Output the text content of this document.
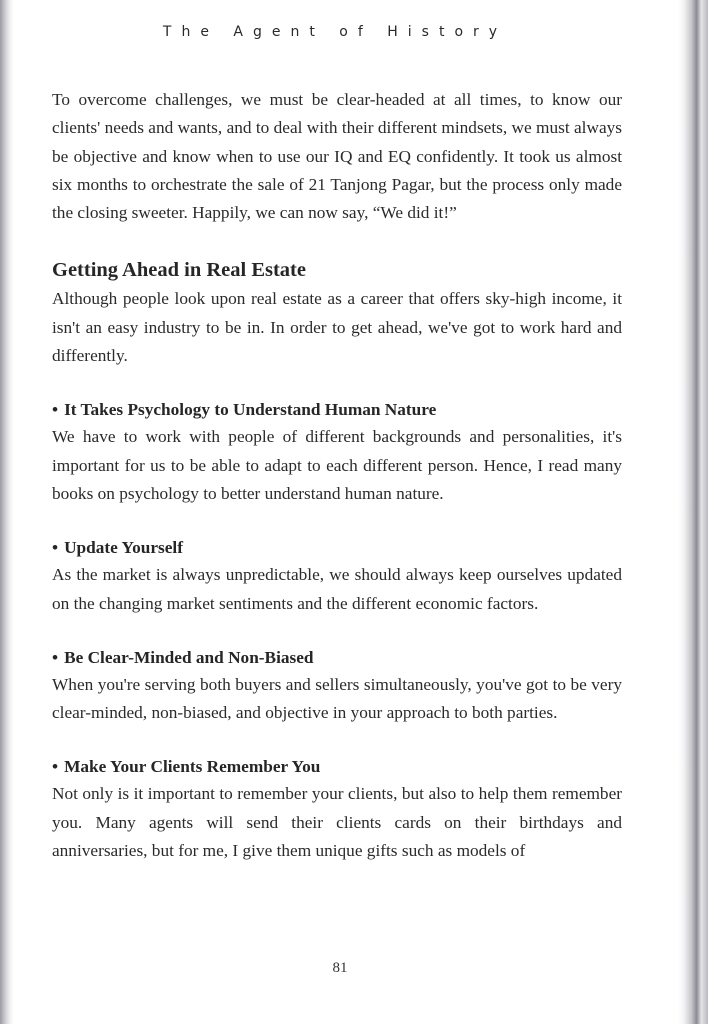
The Agent of History

To overcome challenges, we must be clear-headed at all times, to know our clients' needs and wants, and to deal with their different mindsets, we must always be objective and know when to use our IQ and EQ confidently. It took us almost six months to orchestrate the sale of 21 Tanjong Pagar, but the process only made the closing sweeter. Happily, we can now say, “We did it!”

Getting Ahead in Real Estate

Although people look upon real estate as a career that offers sky-high income, it isn't an easy industry to be in. In order to get ahead, we've got to work hard and differently.

• It Takes Psychology to Understand Human Nature

We have to work with people of different backgrounds and personalities, it's important for us to be able to adapt to each different person. Hence, I read many books on psychology to better understand human nature.

• Update Yourself

As the market is always unpredictable, we should always keep ourselves updated on the changing market sentiments and the different economic factors.

• Be Clear-Minded and Non-Biased

When you're serving both buyers and sellers simultaneously, you've got to be very clear-minded, non-biased, and objective in your approach to both parties.

• Make Your Clients Remember You

Not only is it important to remember your clients, but also to help them remember you. Many agents will send their clients cards on their birthdays and anniversaries, but for me, I give them unique gifts such as models of

81
